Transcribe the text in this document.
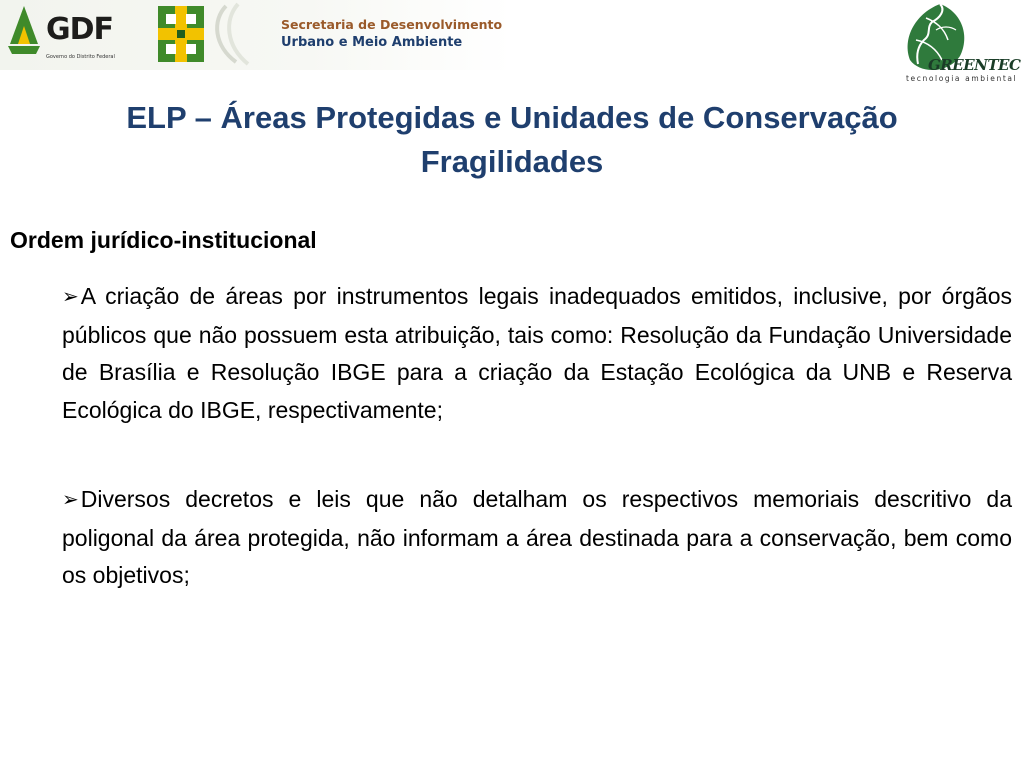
GDF
Governo do Distrito Federal
Secretaria de Desenvolvimento
Urbano e Meio Ambiente
GREENTEC
tecnologia ambiental
ELP – Áreas Protegidas e Unidades de Conservação
Fragilidades
Ordem jurídico-institucional
➢A criação de áreas por instrumentos legais inadequados emitidos, inclusive, por órgãos públicos que não possuem esta atribuição, tais como: Resolução da Fundação Universidade de Brasília e Resolução IBGE para a criação da Estação Ecológica da UNB e Reserva Ecológica do IBGE, respectivamente;
➢Diversos decretos e leis que não detalham os respectivos memoriais descritivo da poligonal da área protegida, não informam a área destinada para a conservação, bem como os objetivos;
